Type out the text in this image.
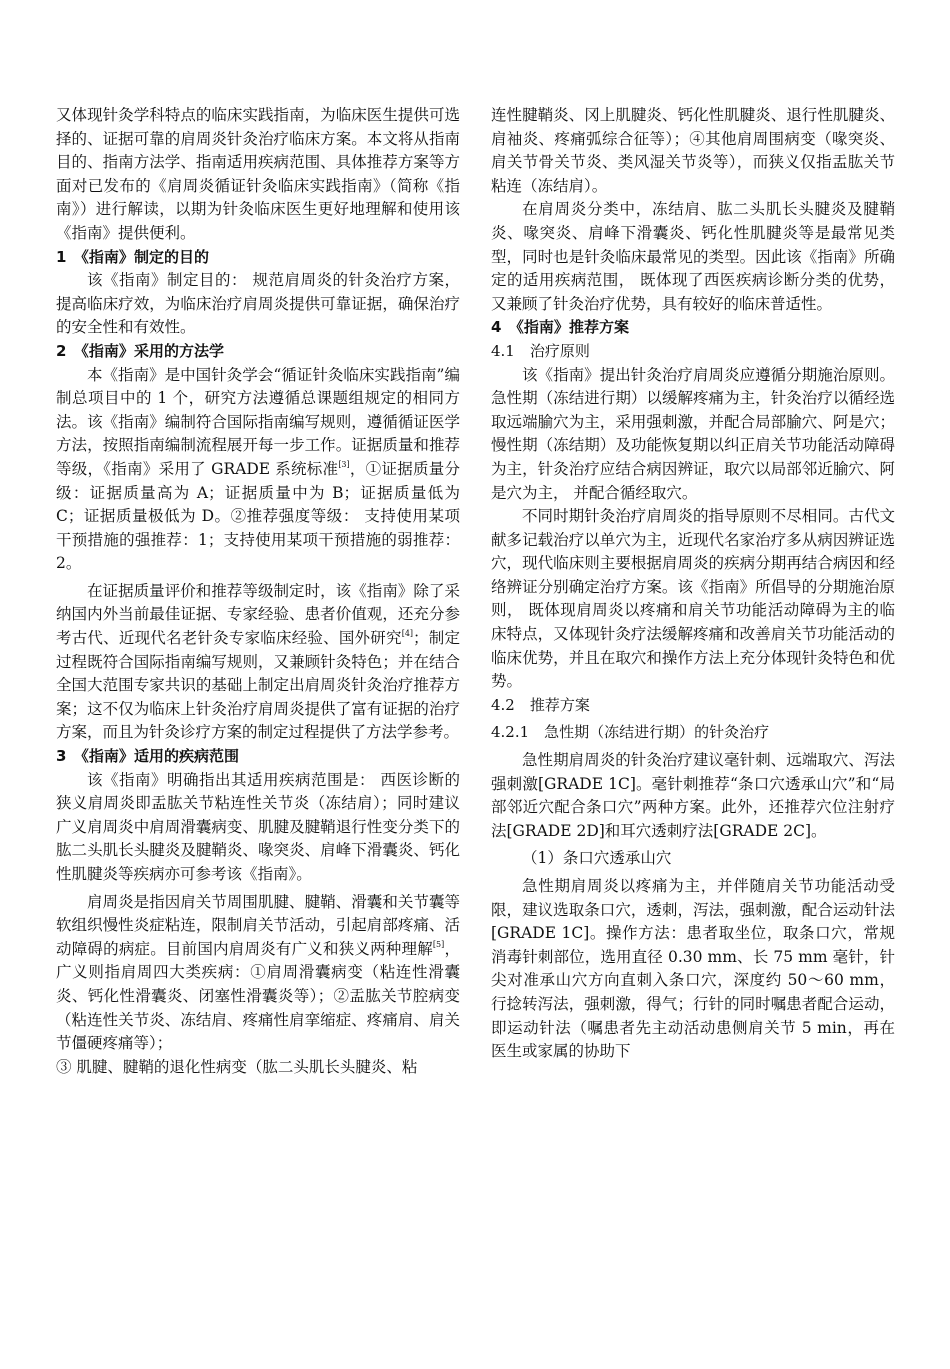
又体现针灸学科特点的临床实践指南，为临床医生提供可选择的、证据可靠的肩周炎针灸治疗临床方案。本文将从指南目的、指南方法学、指南适用疾病范围、具体推荐方案等方面对已发布的《肩周炎循证针灸临床实践指南》（简称《指南》）进行解读，以期为针灸临床医生更好地理解和使用该《指南》提供便利。

1　《指南》制定的目的

该《指南》制定目的： 规范肩周炎的针灸治疗方案，提高临床疗效，为临床治疗肩周炎提供可靠证据，确保治疗的安全性和有效性。

2　《指南》采用的方法学

本《指南》是中国针灸学会“循证针灸临床实践指南”编制总项目中的 1 个，研究方法遵循总课题组规定的相同方法。该《指南》编制符合国际指南编写规则，遵循循证医学方法，按照指南编制流程展开每一步工作。证据质量和推荐等级，《指南》采用了 GRADE 系统标准[3]，①证据质量分级：证据质量高为 A；证据质量中为 B；证据质量低为 C；证据质量极低为 D。②推荐强度等级： 支持使用某项干预措施的强推荐：1；支持使用某项干预措施的弱推荐：2。

在证据质量评价和推荐等级制定时，该《指南》除了采纳国内外当前最佳证据、专家经验、患者价值观，还充分参考古代、近现代名老针灸专家临床经验、国外研究[4]；制定过程既符合国际指南编写规则，又兼顾针灸特色；并在结合全国大范围专家共识的基础上制定出肩周炎针灸治疗推荐方案；这不仅为临床上针灸治疗肩周炎提供了富有证据的治疗方案，而且为针灸诊疗方案的制定过程提供了方法学参考。

3　《指南》适用的疾病范围

该《指南》明确指出其适用疾病范围是： 西医诊断的狭义肩周炎即盂肱关节粘连性关节炎（冻结肩）；同时建议广义肩周炎中肩周滑囊病变、肌腱及腱鞘退行性变分类下的肱二头肌长头腱炎及腱鞘炎、喙突炎、肩峰下滑囊炎、钙化性肌腱炎等疾病亦可参考该《指南》。

肩周炎是指因肩关节周围肌腱、腱鞘、滑囊和关节囊等软组织慢性炎症粘连，限制肩关节活动，引起肩部疼痛、活动障碍的病症。目前国内肩周炎有广义和狭义两种理解[5]，广义则指肩周四大类疾病：①肩周滑囊病变（粘连性滑囊炎、钙化性滑囊炎、闭塞性滑囊炎等）；②盂肱关节腔病变（粘连性关节炎、冻结肩、疼痛性肩挛缩症、疼痛肩、肩关节僵硬疼痛等）；

③ 肌腱、腱鞘的退化性病变（肱二头肌长头腱炎、粘

连性腱鞘炎、冈上肌腱炎、钙化性肌腱炎、退行性肌腱炎、肩袖炎、疼痛弧综合征等）；④其他肩周围病变（喙突炎、肩关节骨关节炎、类风湿关节炎等），而狭义仅指盂肱关节粘连（冻结肩）。

在肩周炎分类中，冻结肩、肱二头肌长头腱炎及腱鞘炎、喙突炎、肩峰下滑囊炎、钙化性肌腱炎等是最常见类型，同时也是针灸临床最常见的类型。因此该《指南》所确定的适用疾病范围， 既体现了西医疾病诊断分类的优势，又兼顾了针灸治疗优势，具有较好的临床普适性。

4　《指南》推荐方案

4.1　治疗原则

该《指南》提出针灸治疗肩周炎应遵循分期施治原则。急性期（冻结进行期）以缓解疼痛为主，针灸治疗以循经选取远端腧穴为主，采用强刺激，并配合局部腧穴、阿是穴； 慢性期（冻结期）及功能恢复期以纠正肩关节功能活动障碍为主，针灸治疗应结合病因辨证，取穴以局部邻近腧穴、阿是穴为主， 并配合循经取穴。

不同时期针灸治疗肩周炎的指导原则不尽相同。古代文献多记载治疗以单穴为主，近现代名家治疗多从病因辨证选穴，现代临床则主要根据肩周炎的疾病分期再结合病因和经络辨证分别确定治疗方案。该《指南》所倡导的分期施治原则， 既体现肩周炎以疼痛和肩关节功能活动障碍为主的临床特点，又体现针灸疗法缓解疼痛和改善肩关节功能活动的临床优势，并且在取穴和操作方法上充分体现针灸特色和优势。

4.2　推荐方案

4.2.1　急性期（冻结进行期）的针灸治疗

急性期肩周炎的针灸治疗建议毫针刺、远端取穴、泻法强刺激[GRADE 1C]。毫针刺推荐“条口穴透承山穴”和“局部邻近穴配合条口穴”两种方案。此外，还推荐穴位注射疗法[GRADE 2D]和耳穴透刺疗法[GRADE 2C]。

（1）条口穴透承山穴

急性期肩周炎以疼痛为主，并伴随肩关节功能活动受限，建议选取条口穴，透刺，泻法，强刺激，配合运动针法[GRADE 1C]。操作方法：患者取坐位，取条口穴，常规消毒针刺部位，选用直径 0.30 mm、长 75 mm 毫针，针尖对准承山穴方向直刺入条口穴，深度约 50～60 mm，行捻转泻法，强刺激，得气；行针的同时嘱患者配合运动，即运动针法（嘱患者先主动活动患侧肩关节 5 min，再在医生或家属的协助下
